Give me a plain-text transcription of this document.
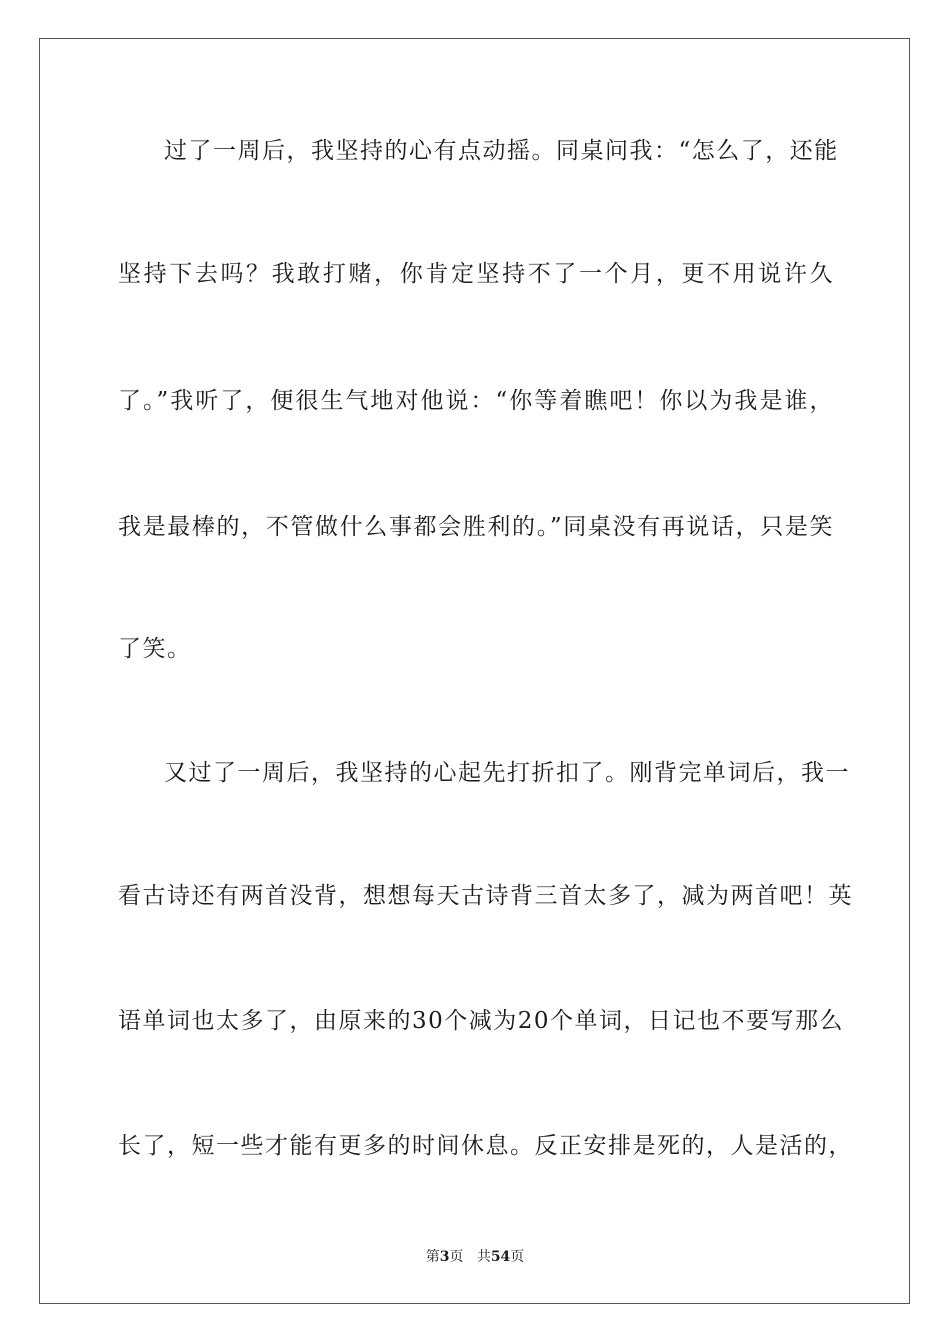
过了一周后，我坚持的心有点动摇。同桌问我：“怎么了，还能
坚持下去吗？我敢打赌，你肯定坚持不了一个月，更不用说许久
了。”我听了，便很生气地对他说：“你等着瞧吧！你以为我是谁，
我是最棒的，不管做什么事都会胜利的。”同桌没有再说话，只是笑
了笑。
又过了一周后，我坚持的心起先打折扣了。刚背完单词后，我一
看古诗还有两首没背，想想每天古诗背三首太多了，减为两首吧！英
语单词也太多了，由原来的30个减为20个单词，日记也不要写那么
长了，短一些才能有更多的时间休息。反正安排是死的，人是活的，
第3页 共54页
